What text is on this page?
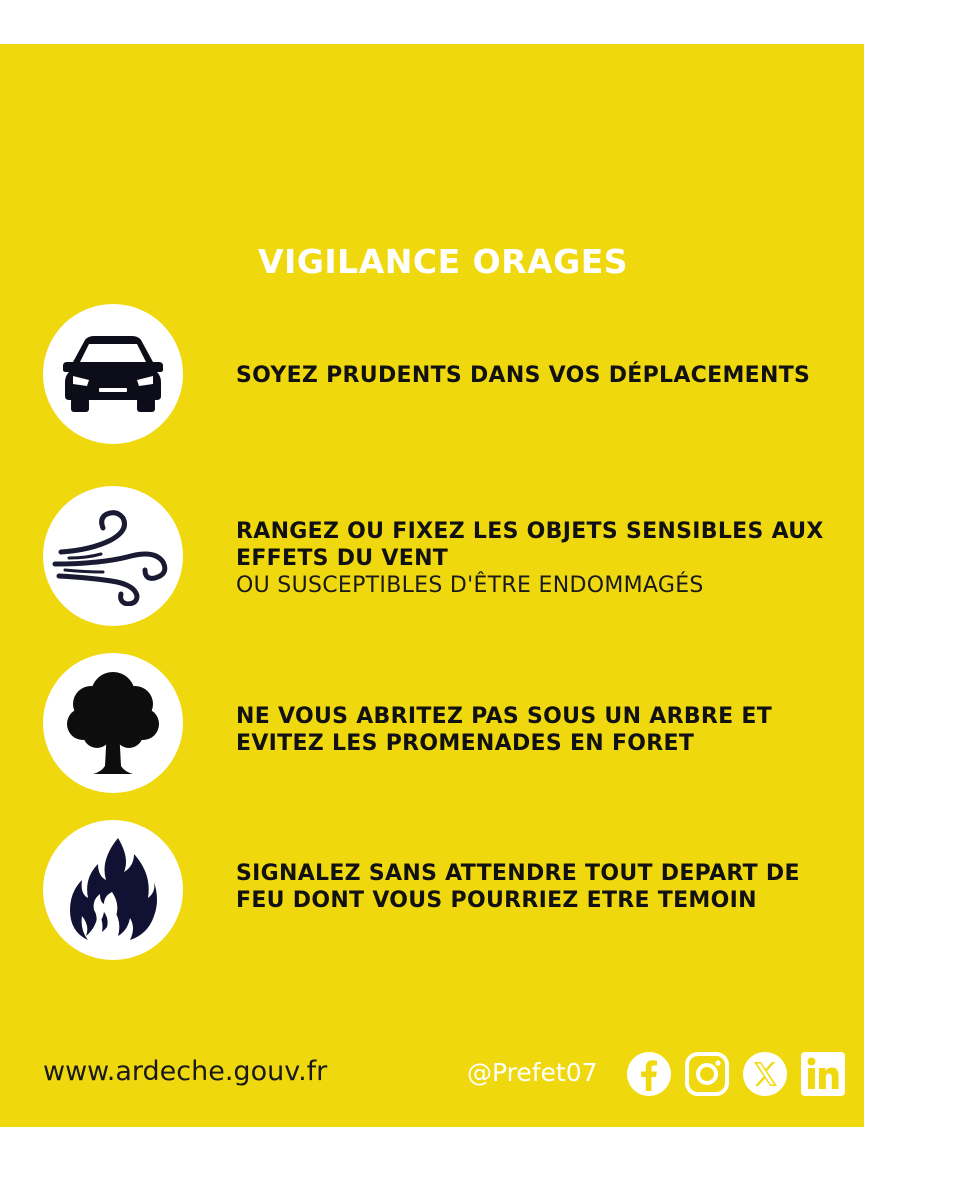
VIGILANCE ORAGES
SOYEZ PRUDENTS DANS VOS DÉPLACEMENTS
RANGEZ OU FIXEZ LES OBJETS SENSIBLES AUX EFFETS DU VENT
OU SUSCEPTIBLES D'ÊTRE ENDOMMAGÉS
NE VOUS ABRITEZ PAS SOUS UN ARBRE ET EVITEZ LES PROMENADES EN FORET
SIGNALEZ SANS ATTENDRE TOUT DEPART DE FEU DONT VOUS POURRIEZ ETRE TEMOIN
www.ardeche.gouv.fr	@Prefet07
